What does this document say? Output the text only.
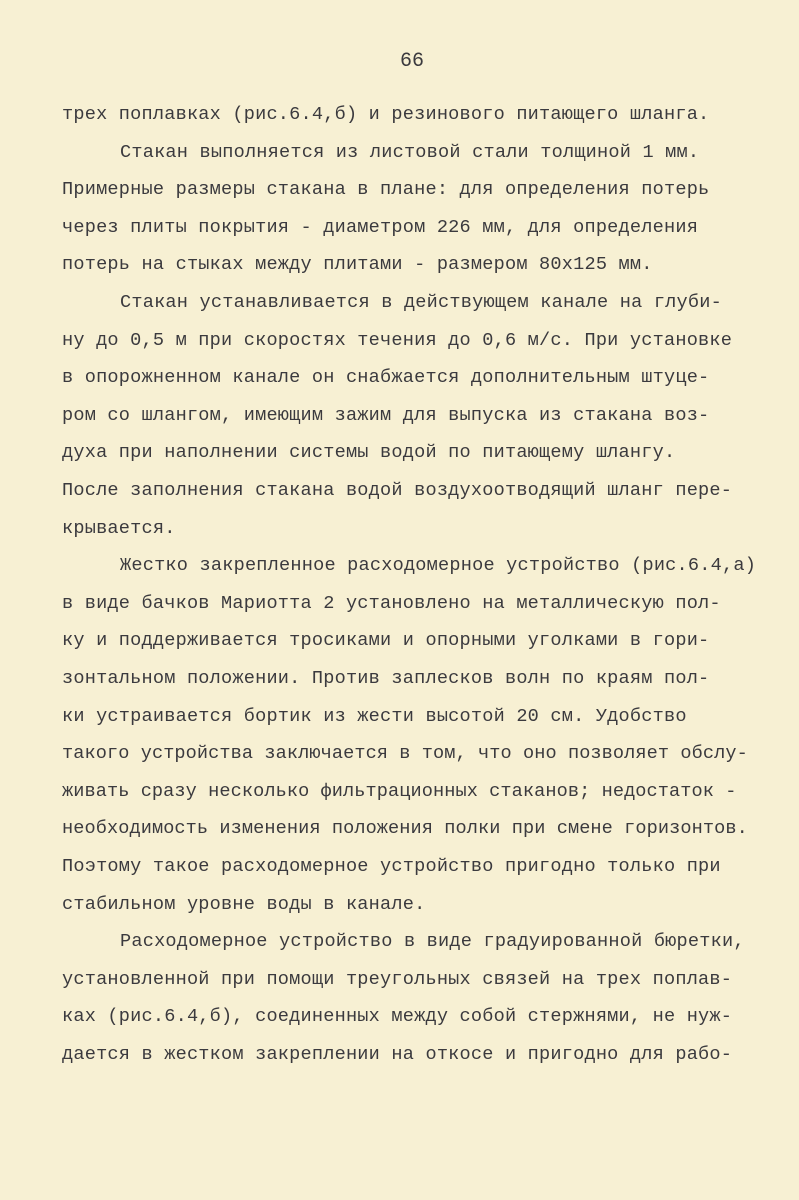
66
трех поплавках (рис.6.4,б) и резинового питающего шланга.
Стакан выполняется из листовой стали толщиной 1 мм.
Примерные размеры стакана в плане: для определения потерь
через плиты покрытия - диаметром 226 мм, для определения
потерь на стыках между плитами - размером 80х125 мм.
Стакан устанавливается в действующем канале на глуби-
ну до 0,5 м при скоростях течения до 0,6 м/с. При установке
в опорожненном канале он снабжается дополнительным штуце-
ром со шлангом, имеющим зажим для выпуска из стакана воз-
духа при наполнении системы водой по питающему шлангу.
После заполнения стакана водой воздухоотводящий шланг пере-
крывается.
Жестко закрепленное расходомерное устройство (рис.6.4,а)
в виде бачков Мариотта 2 установлено на металлическую пол-
ку и поддерживается тросиками и опорными уголками в гори-
зонтальном положении. Против заплесков волн по краям пол-
ки устраивается бортик из жести высотой 20 см. Удобство
такого устройства заключается в том, что оно позволяет обслу-
живать сразу несколько фильтрационных стаканов; недостаток -
необходимость изменения положения полки при смене горизонтов.
Поэтому такое расходомерное устройство пригодно только при
стабильном уровне воды в канале.
Расходомерное устройство в виде градуированной бюретки,
установленной при помощи треугольных связей на трех поплав-
ках (рис.6.4,б), соединенных между собой стержнями, не нуж-
дается в жестком закреплении на откосе и пригодно для рабо-
